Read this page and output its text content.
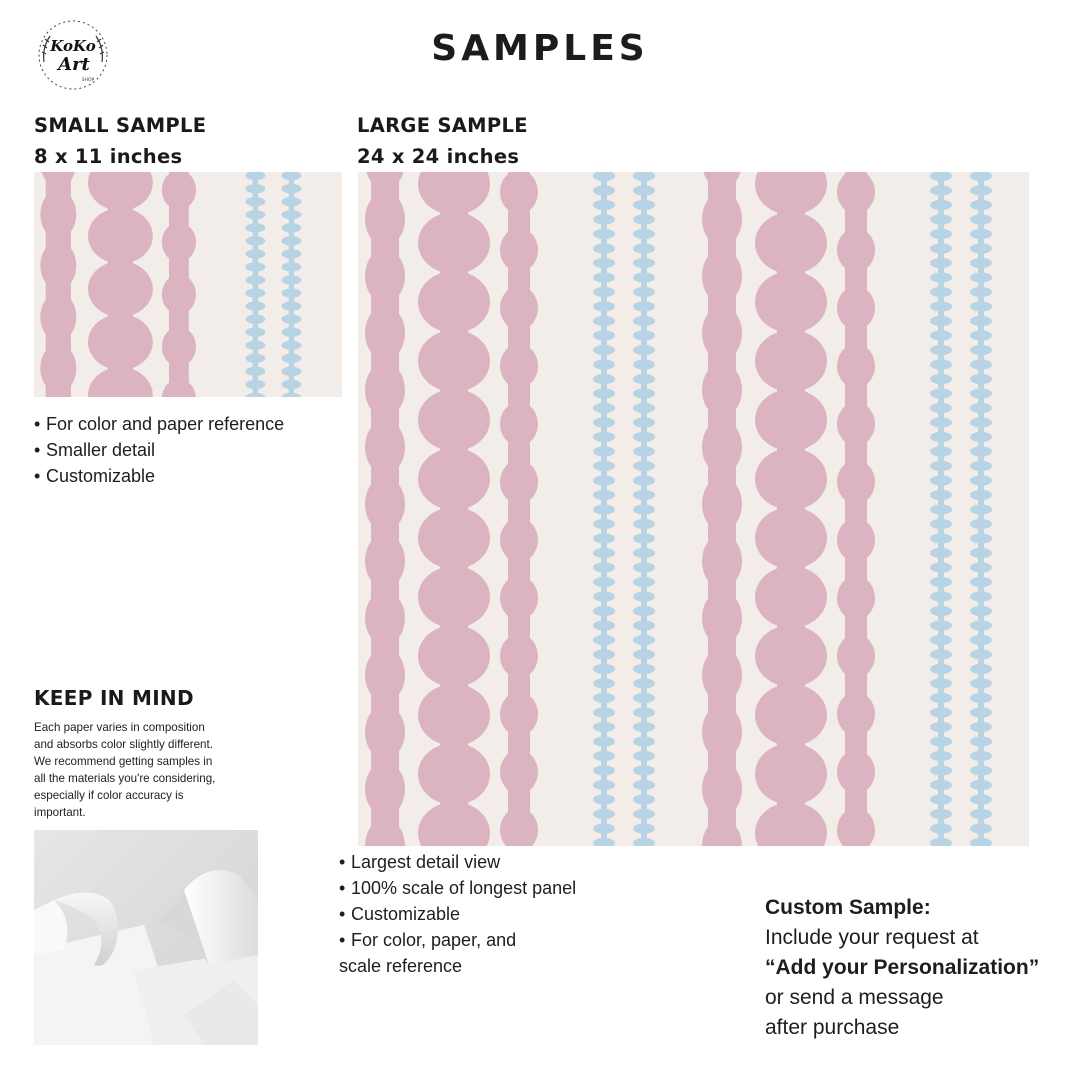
KoKo
Art
SHOP
SAMPLES
SMALL SAMPLE
8 x 11 inches
LARGE SAMPLE
24 x 24 inches
• For color and paper reference
• Smaller detail
• Customizable
• Largest detail view
• 100% scale of longest panel
• Customizable
• For color, paper, and
scale reference
KEEP IN MIND
Each paper varies in composition
and absorbs color slightly different.
We recommend getting samples in
all the materials you're considering,
especially if color accuracy is
important.
Custom Sample:
Include your request at
“Add your Personalization”
or send a message
after purchase
